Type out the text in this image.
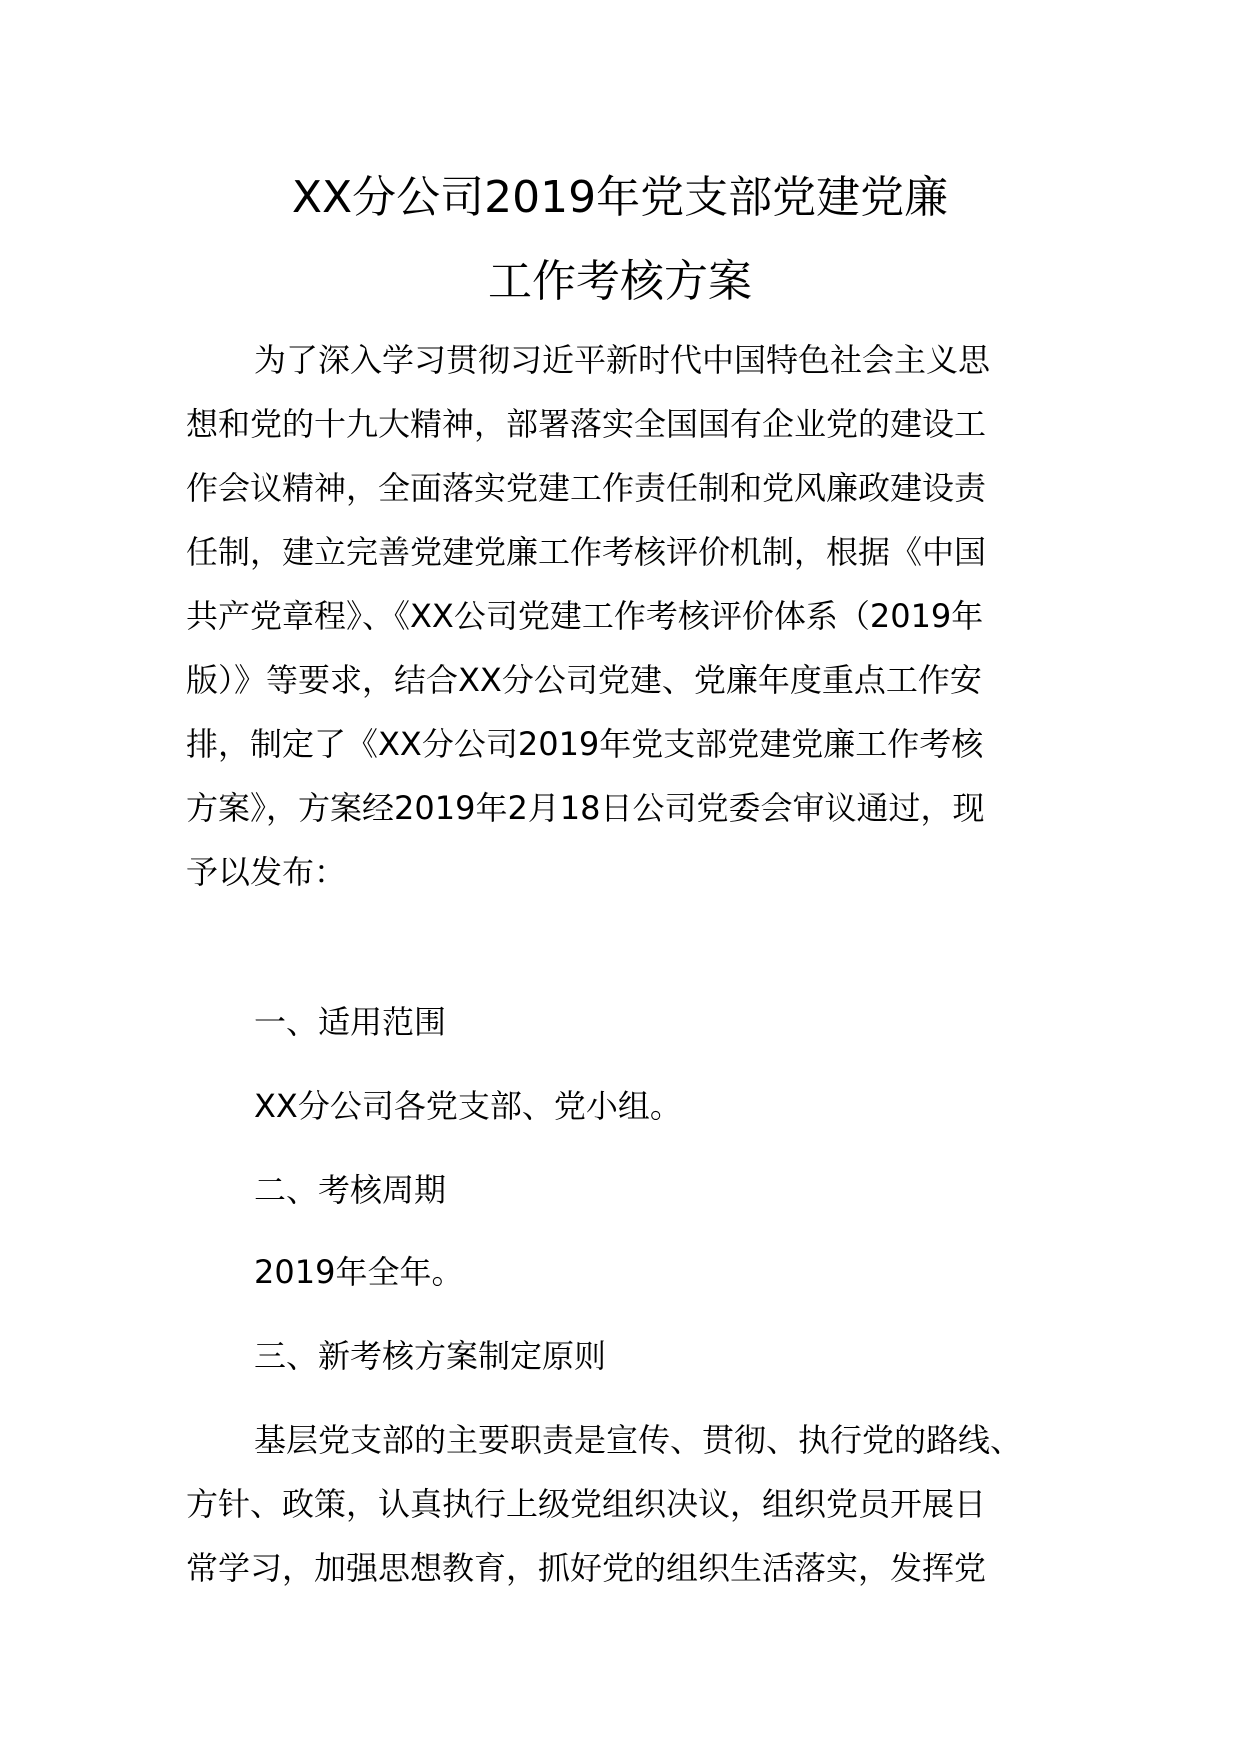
XX分公司2019年党支部党建党廉
工作考核方案
为了深入学习贯彻习近平新时代中国特色社会主义思
想和党的十九大精神，部署落实全国国有企业党的建设工
作会议精神，全面落实党建工作责任制和党风廉政建设责
任制，建立完善党建党廉工作考核评价机制，根据《中国
共产党章程》、《XX公司党建工作考核评价体系（2019年
版）》等要求，结合XX分公司党建、党廉年度重点工作安
排，制定了《XX分公司2019年党支部党建党廉工作考核
方案》，方案经2019年2月18日公司党委会审议通过，现
予以发布：
一、适用范围
XX分公司各党支部、党小组。
二、考核周期
2019年全年。
三、新考核方案制定原则
基层党支部的主要职责是宣传、贯彻、执行党的路线、
方针、政策，认真执行上级党组织决议，组织党员开展日
常学习，加强思想教育，抓好党的组织生活落实，发挥党
